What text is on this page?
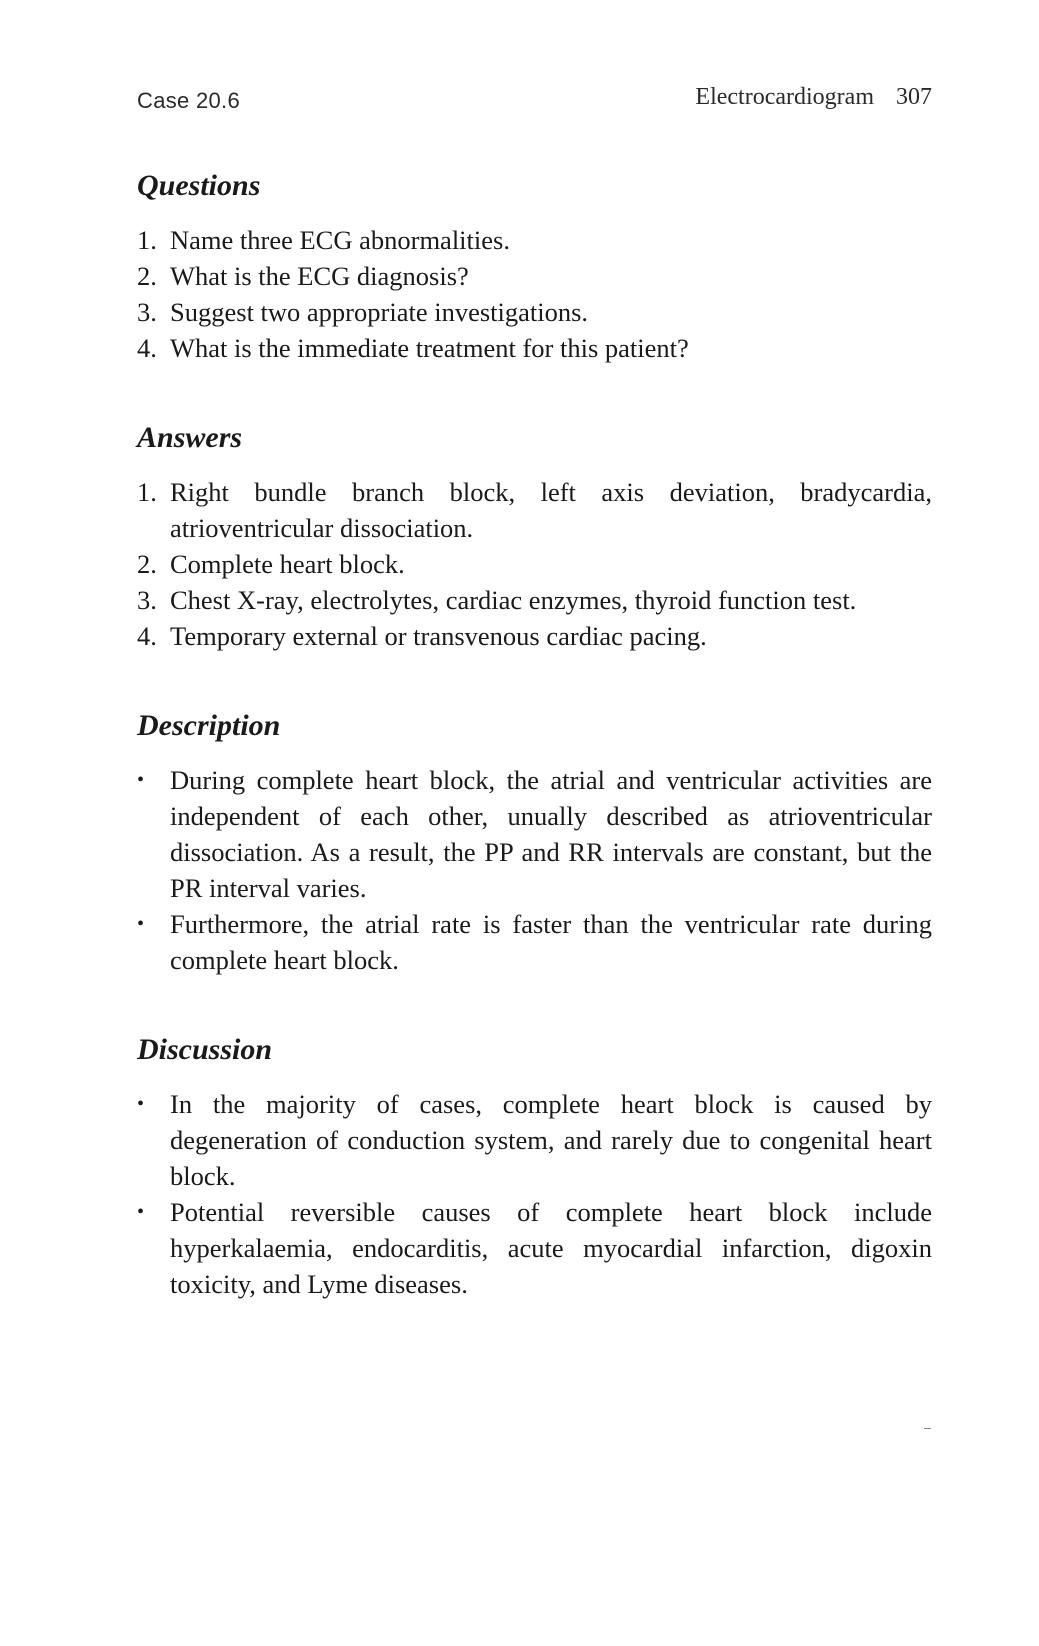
Case 20.6	Electrocardiogram 307
Questions
1. Name three ECG abnormalities.
2. What is the ECG diagnosis?
3. Suggest two appropriate investigations.
4. What is the immediate treatment for this patient?
Answers
1. Right bundle branch block, left axis deviation, bradycardia, atrioventricular dissociation.
2. Complete heart block.
3. Chest X-ray, electrolytes, cardiac enzymes, thyroid function test.
4. Temporary external or transvenous cardiac pacing.
Description
• During complete heart block, the atrial and ventricular activities are independent of each other, unually described as atrioventricular dissociation. As a result, the PP and RR intervals are constant, but the PR interval varies.
• Furthermore, the atrial rate is faster than the ventricular rate during complete heart block.
Discussion
• In the majority of cases, complete heart block is caused by degeneration of conduction system, and rarely due to congenital heart block.
• Potential reversible causes of complete heart block include hyperkalaemia, endocarditis, acute myocardial infarction, digoxin toxicity, and Lyme diseases.
